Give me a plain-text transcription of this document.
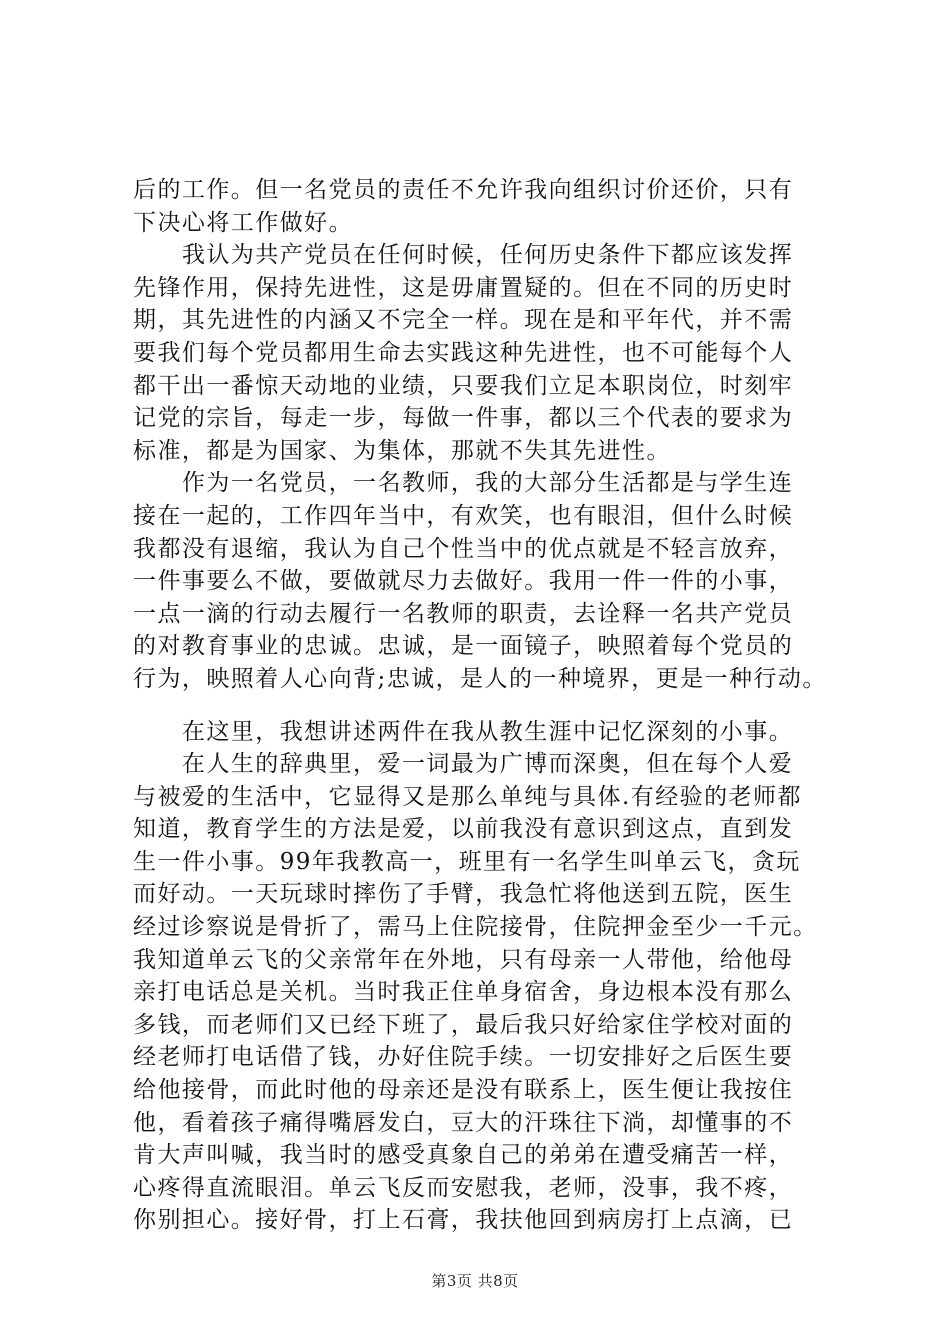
后的工作。但一名党员的责任不允许我向组织讨价还价，只有
下决心将工作做好。
　　我认为共产党员在任何时候，任何历史条件下都应该发挥
先锋作用，保持先进性，这是毋庸置疑的。但在不同的历史时
期，其先进性的内涵又不完全一样。现在是和平年代，并不需
要我们每个党员都用生命去实践这种先进性，也不可能每个人
都干出一番惊天动地的业绩，只要我们立足本职岗位，时刻牢
记党的宗旨，每走一步，每做一件事，都以三个代表的要求为
标准，都是为国家、为集体，那就不失其先进性。
　　作为一名党员，一名教师，我的大部分生活都是与学生连
接在一起的，工作四年当中，有欢笑，也有眼泪，但什么时候
我都没有退缩，我认为自己个性当中的优点就是不轻言放弃，
一件事要么不做，要做就尽力去做好。我用一件一件的小事，
一点一滴的行动去履行一名教师的职责，去诠释一名共产党员
的对教育事业的忠诚。忠诚，是一面镜子，映照着每个党员的
行为，映照着人心向背;忠诚，是人的一种境界，更是一种行动。
　　在这里，我想讲述两件在我从教生涯中记忆深刻的小事。
　　在人生的辞典里，爱一词最为广博而深奥，但在每个人爱
与被爱的生活中，它显得又是那么单纯与具体.有经验的老师都
知道，教育学生的方法是爱，以前我没有意识到这点，直到发
生一件小事。99年我教高一，班里有一名学生叫单云飞，贪玩
而好动。一天玩球时摔伤了手臂，我急忙将他送到五院，医生
经过诊察说是骨折了，需马上住院接骨，住院押金至少一千元。
我知道单云飞的父亲常年在外地，只有母亲一人带他，给他母
亲打电话总是关机。当时我正住单身宿舍，身边根本没有那么
多钱，而老师们又已经下班了，最后我只好给家住学校对面的
经老师打电话借了钱，办好住院手续。一切安排好之后医生要
给他接骨，而此时他的母亲还是没有联系上，医生便让我按住
他，看着孩子痛得嘴唇发白，豆大的汗珠往下淌，却懂事的不
肯大声叫喊，我当时的感受真象自己的弟弟在遭受痛苦一样，
心疼得直流眼泪。单云飞反而安慰我，老师，没事，我不疼，
你别担心。接好骨，打上石膏，我扶他回到病房打上点滴，已
第3页 共8页
